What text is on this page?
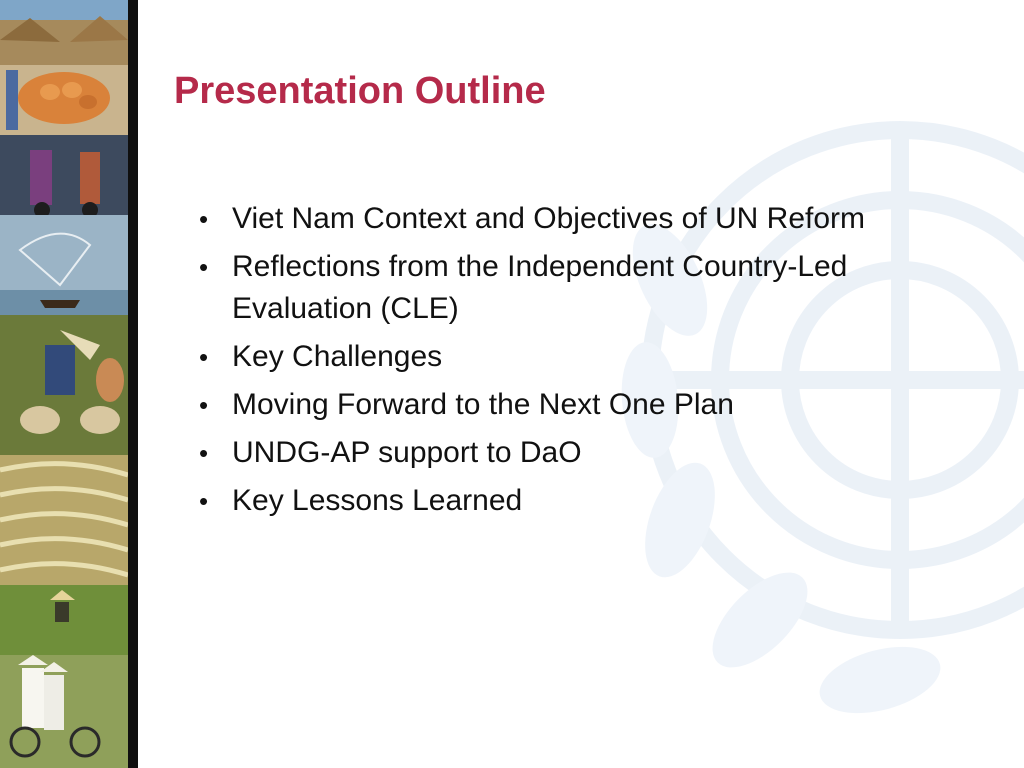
Presentation Outline
• Viet Nam Context and Objectives of UN Reform
• Reflections from the Independent Country-Led Evaluation (CLE)
• Key Challenges
• Moving Forward to the Next One Plan
• UNDG-AP support to DaO
• Key Lessons Learned
